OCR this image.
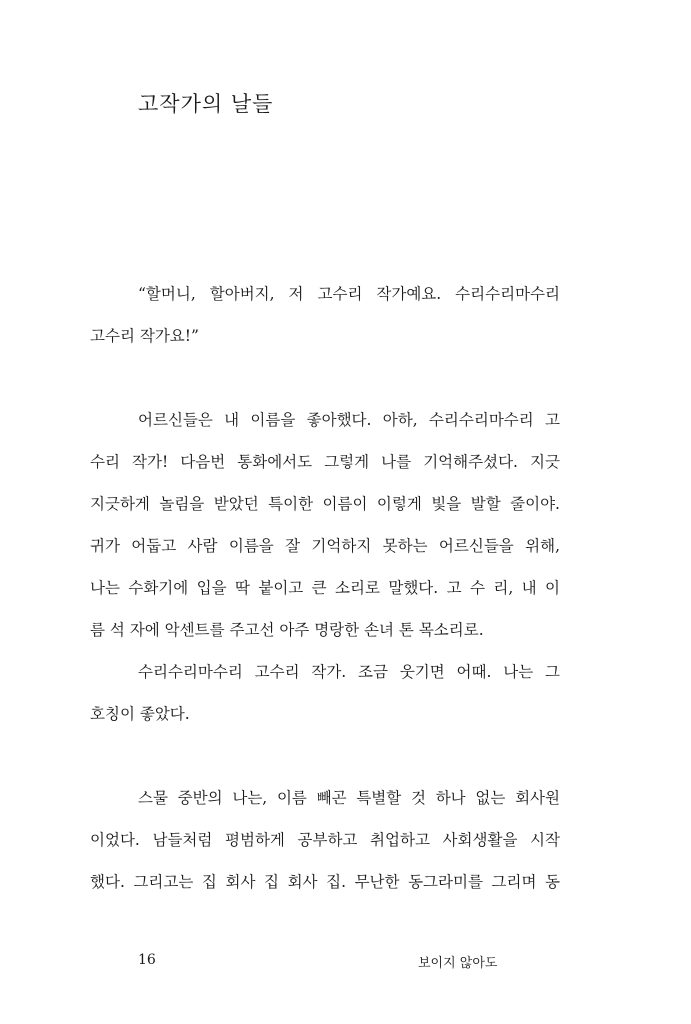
고작가의 날들
“할머니, 할아버지, 저 고수리 작가예요. 수리수리마수리
고수리 작가요!”
어르신들은 내 이름을 좋아했다. 아하, 수리수리마수리 고
수리 작가! 다음번 통화에서도 그렇게 나를 기억해주셨다. 지긋
지긋하게 놀림을 받았던 특이한 이름이 이렇게 빛을 발할 줄이야.
귀가 어둡고 사람 이름을 잘 기억하지 못하는 어르신들을 위해,
나는 수화기에 입을 딱 붙이고 큰 소리로 말했다. 고 수 리, 내 이
름 석 자에 악센트를 주고선 아주 명랑한 손녀 톤 목소리로.
수리수리마수리 고수리 작가. 조금 웃기면 어때. 나는 그
호칭이 좋았다.
스물 중반의 나는, 이름 빼곤 특별할 것 하나 없는 회사원
이었다. 남들처럼 평범하게 공부하고 취업하고 사회생활을 시작
했다. 그리고는 집 회사 집 회사 집. 무난한 동그라미를 그리며 동
16	보이지 않아도
